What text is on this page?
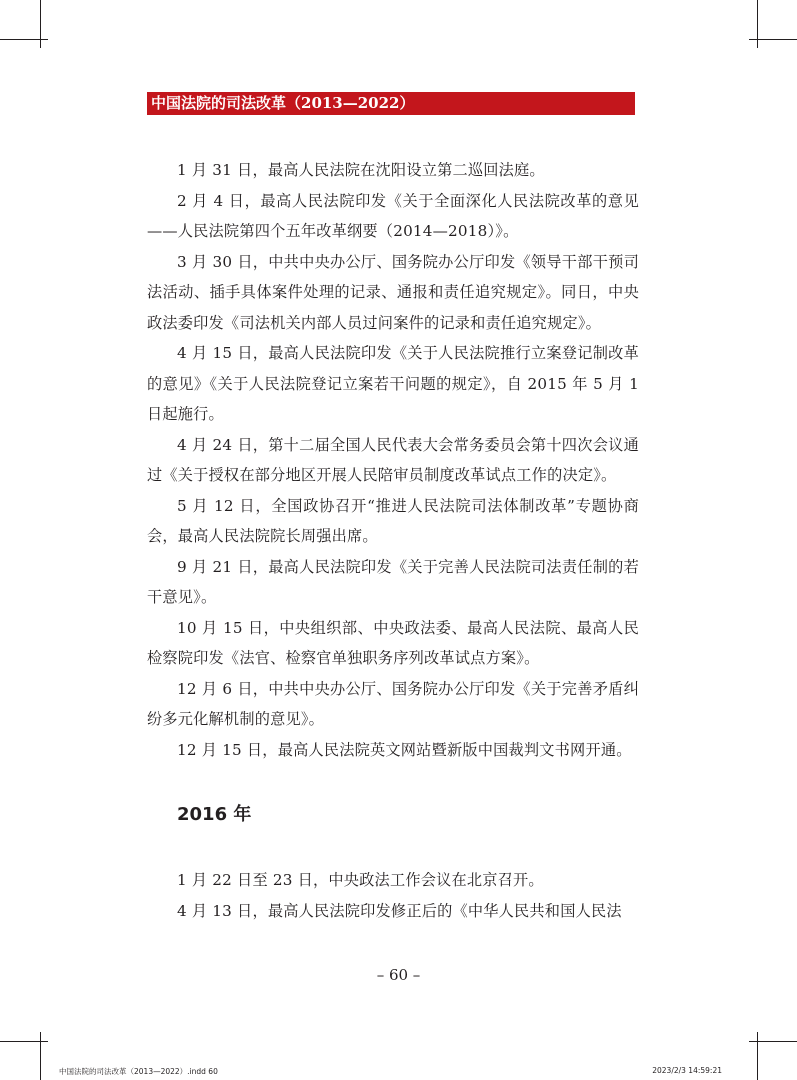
中国法院的司法改革（2013—2022）

1 月 31 日，最高人民法院在沈阳设立第二巡回法庭。

2 月 4 日，最高人民法院印发《关于全面深化人民法院改革的意见——人民法院第四个五年改革纲要（2014—2018）》。

3 月 30 日，中共中央办公厅、国务院办公厅印发《领导干部干预司法活动、插手具体案件处理的记录、通报和责任追究规定》。同日，中央政法委印发《司法机关内部人员过问案件的记录和责任追究规定》。

4 月 15 日，最高人民法院印发《关于人民法院推行立案登记制改革的意见》《关于人民法院登记立案若干问题的规定》，自 2015 年 5 月 1 日起施行。

4 月 24 日，第十二届全国人民代表大会常务委员会第十四次会议通过《关于授权在部分地区开展人民陪审员制度改革试点工作的决定》。

5 月 12 日，全国政协召开“推进人民法院司法体制改革”专题协商会，最高人民法院院长周强出席。

9 月 21 日，最高人民法院印发《关于完善人民法院司法责任制的若干意见》。

10 月 15 日，中央组织部、中央政法委、最高人民法院、最高人民检察院印发《法官、检察官单独职务序列改革试点方案》。

12 月 6 日，中共中央办公厅、国务院办公厅印发《关于完善矛盾纠纷多元化解机制的意见》。

12 月 15 日，最高人民法院英文网站暨新版中国裁判文书网开通。

2016 年

1 月 22 日至 23 日，中央政法工作会议在北京召开。

4 月 13 日，最高人民法院印发修正后的《中华人民共和国人民法

– 60 –
中国法院的司法改革（2013—2022）.indd 60	2023/2/3 14:59:21
